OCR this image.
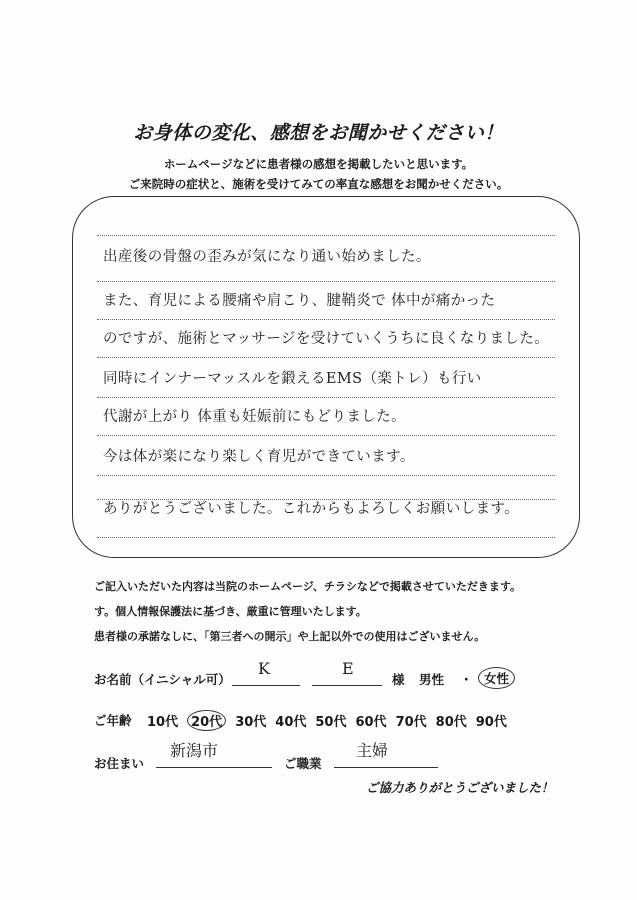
お身体の変化、感想をお聞かせください！
ホームページなどに患者様の感想を掲載したいと思います。
ご来院時の症状と、施術を受けてみての率直な感想をお聞かせください。
出産後の骨盤の歪みが気になり通い始めました。
また、育児による腰痛や肩こり、腱鞘炎で 体中が痛かった
のですが、施術とマッサージを受けていくうちに良くなりました。
同時にインナーマッスルを鍛えるEMS（楽トレ）も行い
代謝が上がり 体重も妊娠前にもどりました。
今は体が楽になり楽しく育児ができています。
ありがとうございました。これからもよろしくお願いします。
ご記入いただいた内容は当院のホームページ、チラシなどで掲載させていただきます。
す。個人情報保護法に基づき、厳重に管理いたします。
患者様の承諾なしに、「第三者への開示」や上記以外での使用はございません。
お名前（イニシャル可）
K	E
様 男性 ・ 女性
ご年齢 10代 20代 30代 40代 50代 60代 70代 80代 90代
お住まい
新潟市
ご職業
主婦
ご協力ありがとうございました！
